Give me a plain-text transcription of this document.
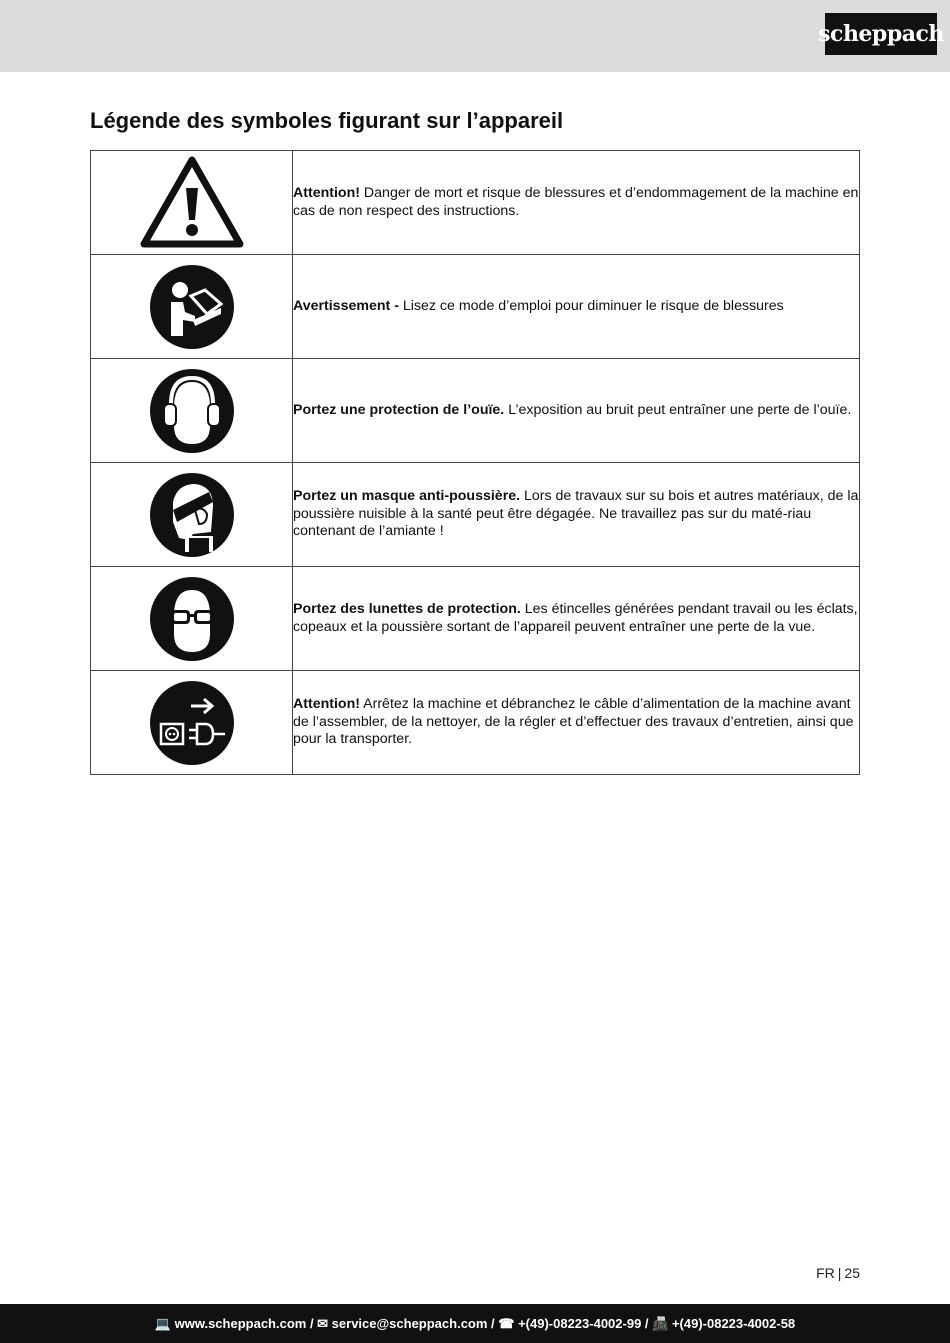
scheppach
Légende des symboles figurant sur l’appareil
	Attention! Danger de mort et risque de blessures et d’endommagement de la machine en cas de non respect des instructions.

	Avertissement - Lisez ce mode d’emploi pour diminuer le risque de blessures

	Portez une protection de l’ouïe. L’exposition au bruit peut entraîner une perte de l’ouïe.

	Portez un masque anti-poussière. Lors de travaux sur su bois et autres matériaux, de la poussière nuisible à la santé peut être dégagée. Ne travaillez pas sur du maté-riau contenant de l’amiante !

	Portez des lunettes de protection. Les étincelles générées pendant travail ou les éclats, copeaux et la poussière sortant de l’appareil peuvent entraîner une perte de la vue.

	Attention! Arrêtez la machine et débranchez le câble d’alimentation de la machine avant de l’assembler, de la nettoyer, de la régler et d’effectuer des travaux d’entretien, ainsi que pour la transporter.
FR | 25
💻 www.scheppach.com / ✉ service@scheppach.com / ☎ +(49)-08223-4002-99 / 📠 +(49)-08223-4002-58
